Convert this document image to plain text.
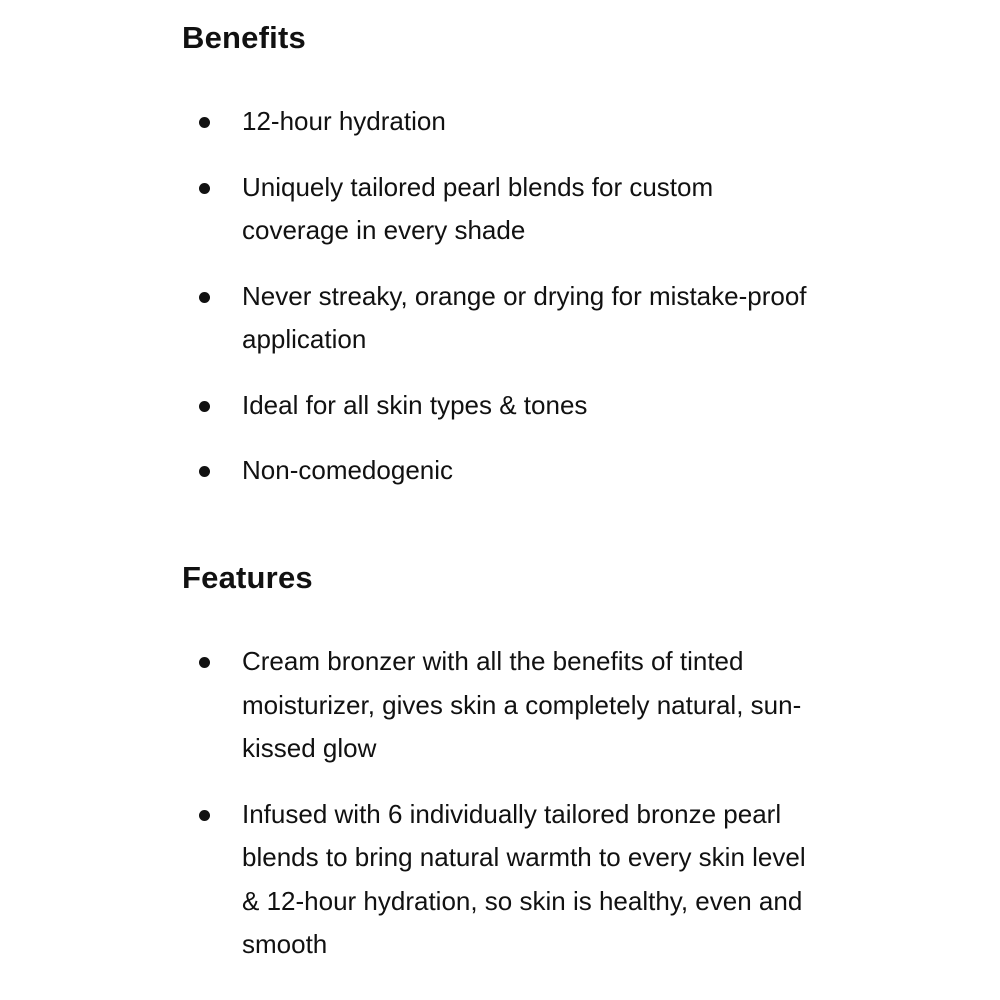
Benefits
12-hour hydration
Uniquely tailored pearl blends for custom coverage in every shade
Never streaky, orange or drying for mistake-proof application
Ideal for all skin types & tones
Non-comedogenic
Features
Cream bronzer with all the benefits of tinted moisturizer, gives skin a completely natural, sun-kissed glow
Infused with 6 individually tailored bronze pearl blends to bring natural warmth to every skin level & 12-hour hydration, so skin is healthy, even and smooth
